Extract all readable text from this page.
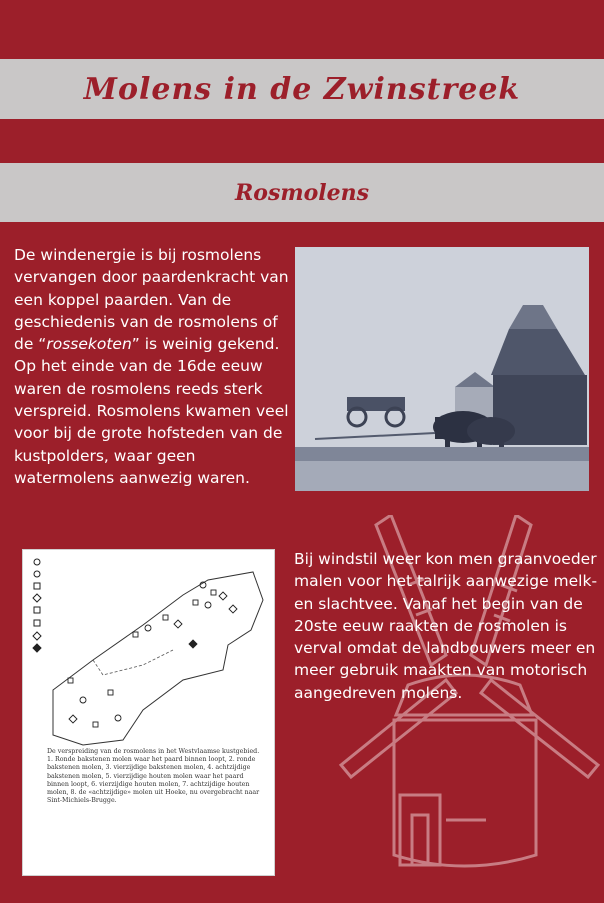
Molens in de Zwinstreek
Rosmolens

De windenergie is bij rosmolens vervangen door paardenkracht van een koppel paarden. Van de geschiedenis van de rosmolens of de “rossekoten” is weinig gekend. Op het einde van de 16de eeuw waren de rosmolens reeds sterk verspreid. Rosmolens kwamen veel voor bij de grote hofsteden van de kustpolders, waar geen watermolens aanwezig waren.

Bij windstil weer kon men graanvoeder malen voor het talrijk aanwezige melk- en slachtvee. Vanaf het begin van de 20ste eeuw raakten de rosmolen is verval omdat de landbouwers meer en meer gebruik maakten van motorisch aangedreven molens.
De verspreiding van de rosmolens in het Westvlaamse kustgebied. 1. Ronde bakstenen molen waar het paard binnen loopt, 2. ronde bakstenen molen, 3. vierzijdige bakstenen molen, 4. achtzijdige bakstenen molen, 5. vierzijdige houten molen waar het paard binnen loopt, 6. vierzijdige houten molen, 7. achtzijdige houten molen, 8. de «achtzijdige» molen uit Hoeke, nu overgebracht naar Sint-Michiels-Brugge.
